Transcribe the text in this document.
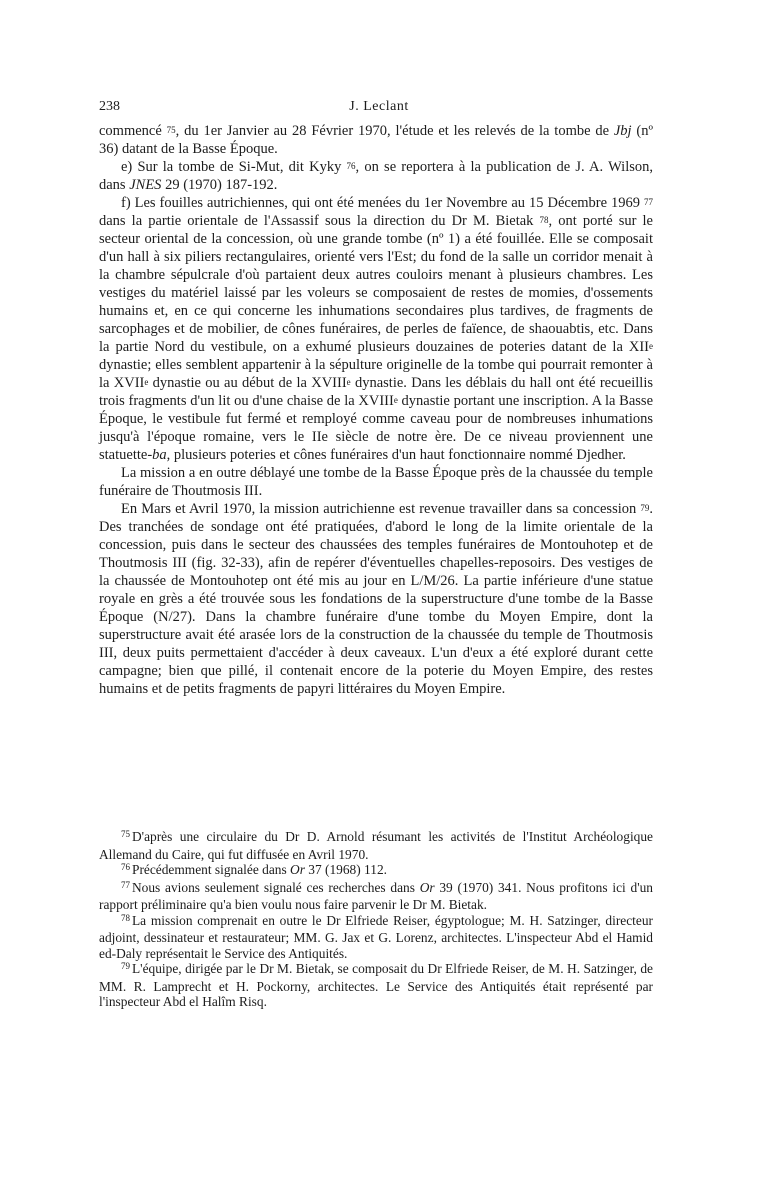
238	J. Leclant

commencé $^{75}$, du 1er Janvier au 28 Février 1970, l'étude et les relevés de la tombe de Jbj (nº 36) datant de la Basse Époque.

e) Sur la tombe de Si-Mut, dit Kyky $^{76}$, on se reportera à la publication de J. A. Wilson, dans JNES 29 (1970) 187-192.

f) Les fouilles autrichiennes, qui ont été menées du 1er Novembre au 15 Décembre 1969 $^{77}$ dans la partie orientale de l'Assassif sous la direction du Dr M. Bietak $^{78}$, ont porté sur le secteur oriental de la concession, où une grande tombe (nº 1) a été fouillée. Elle se composait d'un hall à six piliers rectangulaires, orienté vers l'Est; du fond de la salle un corridor menait à la chambre sépulcrale d'où partaient deux autres couloirs menant à plusieurs chambres. Les vestiges du matériel laissé par les voleurs se composaient de restes de momies, d'ossements humains et, en ce qui concerne les inhumations secondaires plus tardives, de fragments de sarcophages et de mobilier, de cônes funéraires, de perles de faïence, de shaouabtis, etc. Dans la partie Nord du vestibule, on a exhumé plusieurs douzaines de poteries datant de la XIIe dynastie; elles semblent appartenir à la sépulture originelle de la tombe qui pourrait remonter à la XVIIe dynastie ou au début de la XVIIIe dynastie. Dans les déblais du hall ont été recueillis trois fragments d'un lit ou d'une chaise de la XVIIIe dynastie portant une inscription. A la Basse Époque, le vestibule fut fermé et remployé comme caveau pour de nombreuses inhumations jusqu'à l'époque romaine, vers le IIe siècle de notre ère. De ce niveau proviennent une statuette-ba, plusieurs poteries et cônes funéraires d'un haut fonctionnaire nommé Djedher.

La mission a en outre déblayé une tombe de la Basse Époque près de la chaussée du temple funéraire de Thoutmosis III.

En Mars et Avril 1970, la mission autrichienne est revenue travailler dans sa concession $^{79}$. Des tranchées de sondage ont été pratiquées, d'abord le long de la limite orientale de la concession, puis dans le secteur des chaussées des temples funéraires de Montouhotep et de Thoutmosis III (fig. 32-33), afin de repérer d'éventuelles chapelles-reposoirs. Des vestiges de la chaussée de Montouhotep ont été mis au jour en L/M/26. La partie inférieure d'une statue royale en grès a été trouvée sous les fondations de la superstructure d'une tombe de la Basse Époque (N/27). Dans la chambre funéraire d'une tombe du Moyen Empire, dont la superstructure avait été arasée lors de la construction de la chaussée du temple de Thoutmosis III, deux puits permettaient d'accéder à deux caveaux. L'un d'eux a été exploré durant cette campagne; bien que pillé, il contenait encore de la poterie du Moyen Empire, des restes humains et de petits fragments de papyri littéraires du Moyen Empire.

$^{75}$ D'après une circulaire du Dr D. Arnold résumant les activités de l'Institut Archéologique Allemand du Caire, qui fut diffusée en Avril 1970.

$^{76}$ Précédemment signalée dans Or 37 (1968) 112.

$^{77}$ Nous avions seulement signalé ces recherches dans Or 39 (1970) 341. Nous profitons ici d'un rapport préliminaire qu'a bien voulu nous faire parvenir le Dr M. Bietak.

$^{78}$ La mission comprenait en outre le Dr Elfriede Reiser, égyptologue; M. H. Satzinger, directeur adjoint, dessinateur et restaurateur; MM. G. Jax et G. Lorenz, architectes. L'inspecteur Abd el Hamid ed-Daly représentait le Service des Antiquités.

$^{79}$ L'équipe, dirigée par le Dr M. Bietak, se composait du Dr Elfriede Reiser, de M. H. Satzinger, de MM. R. Lamprecht et H. Pockorny, architectes. Le Service des Antiquités était représenté par l'inspecteur Abd el Halîm Risq.
